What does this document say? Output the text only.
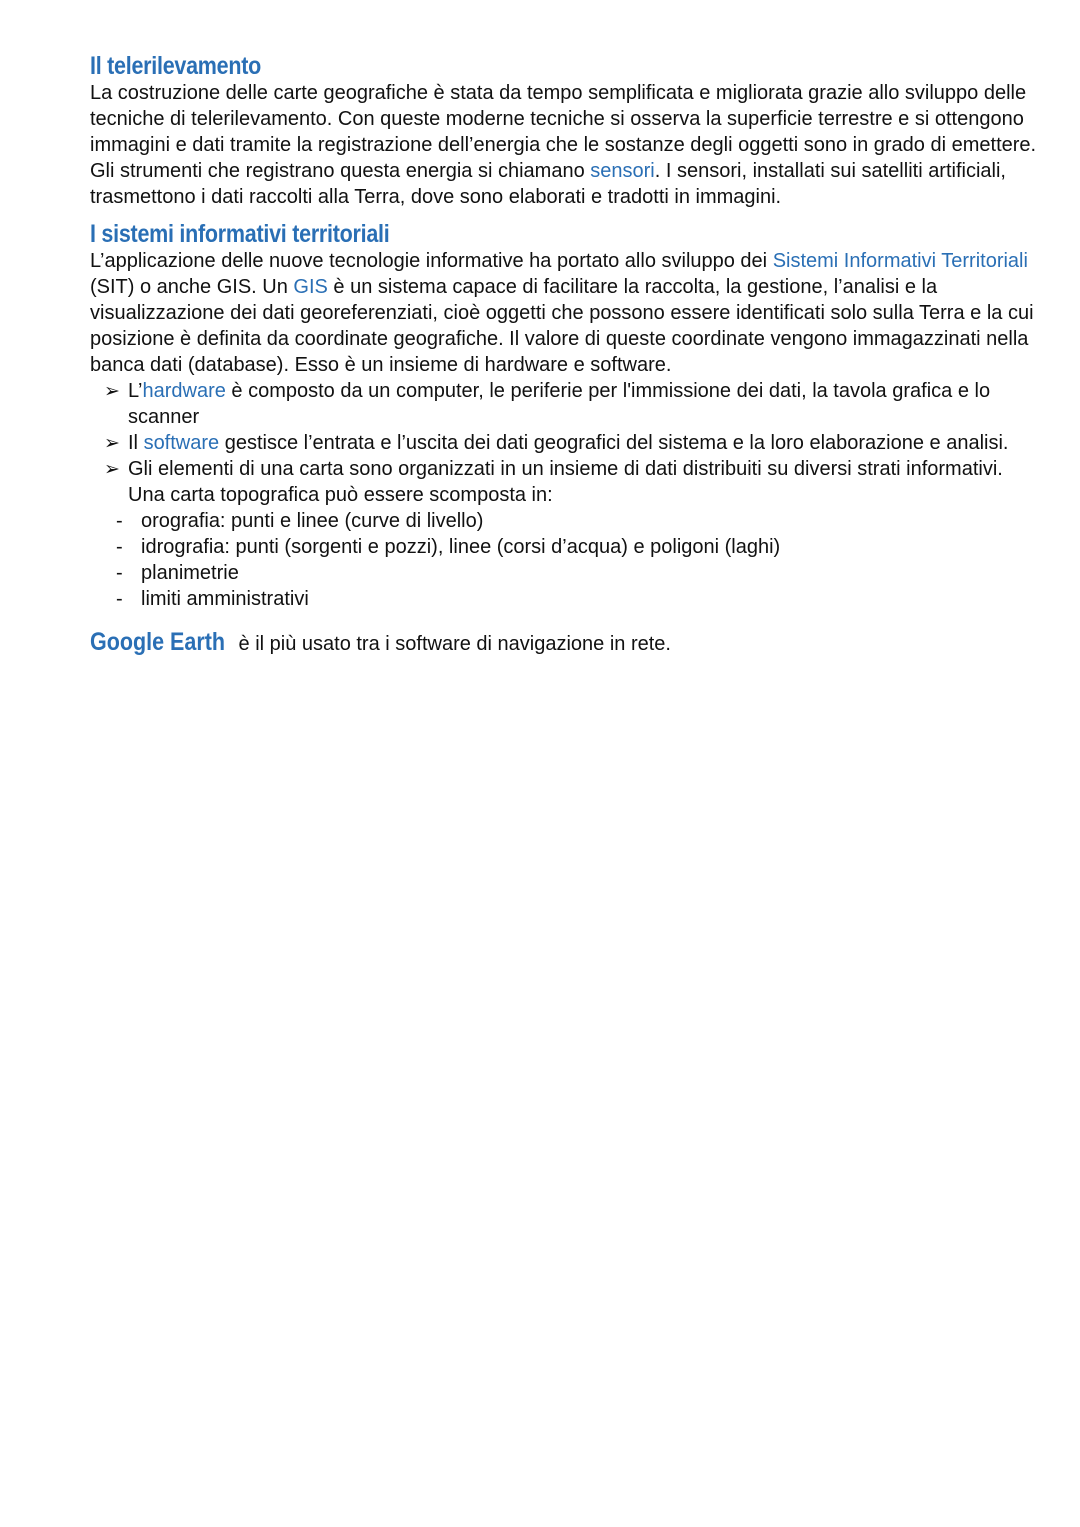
Il telerilevamento

La costruzione delle carte geografiche è stata da tempo semplificata e migliorata grazie allo sviluppo delle tecniche di telerilevamento. Con queste moderne tecniche si osserva la superficie terrestre e si ottengono immagini e dati tramite la registrazione dell’energia che le sostanze degli oggetti sono in grado di emettere. Gli strumenti che registrano questa energia si chiamano sensori. I sensori, installati sui satelliti artificiali, trasmettono i dati raccolti alla Terra, dove sono elaborati e tradotti in immagini.

I sistemi informativi territoriali

L’applicazione delle nuove tecnologie informative ha portato allo sviluppo dei Sistemi Informativi Territoriali (SIT) o anche GIS. Un GIS è un sistema capace di facilitare la raccolta, la gestione, l’analisi e la visualizzazione dei dati georeferenziati, cioè oggetti che possono essere identificati solo sulla Terra e la cui posizione è definita da coordinate geografiche. Il valore di queste coordinate vengono immagazzinati nella banca dati (database). Esso è un insieme di hardware e software.

➢ L’hardware è composto da un computer, le periferie per l'immissione dei dati, la tavola grafica e lo scanner
➢ Il software gestisce l’entrata e l’uscita dei dati geografici del sistema e la loro elaborazione e analisi.
➢ Gli elementi di una carta sono organizzati in un insieme di dati distribuiti su diversi strati informativi. Una carta topografica può essere scomposta in:
- orografia: punti e linee (curve di livello)
- idrografia: punti (sorgenti e pozzi), linee (corsi d’acqua) e poligoni (laghi)
- planimetrie
- limiti amministrativi

Google Earth è il più usato tra i software di navigazione in rete.
